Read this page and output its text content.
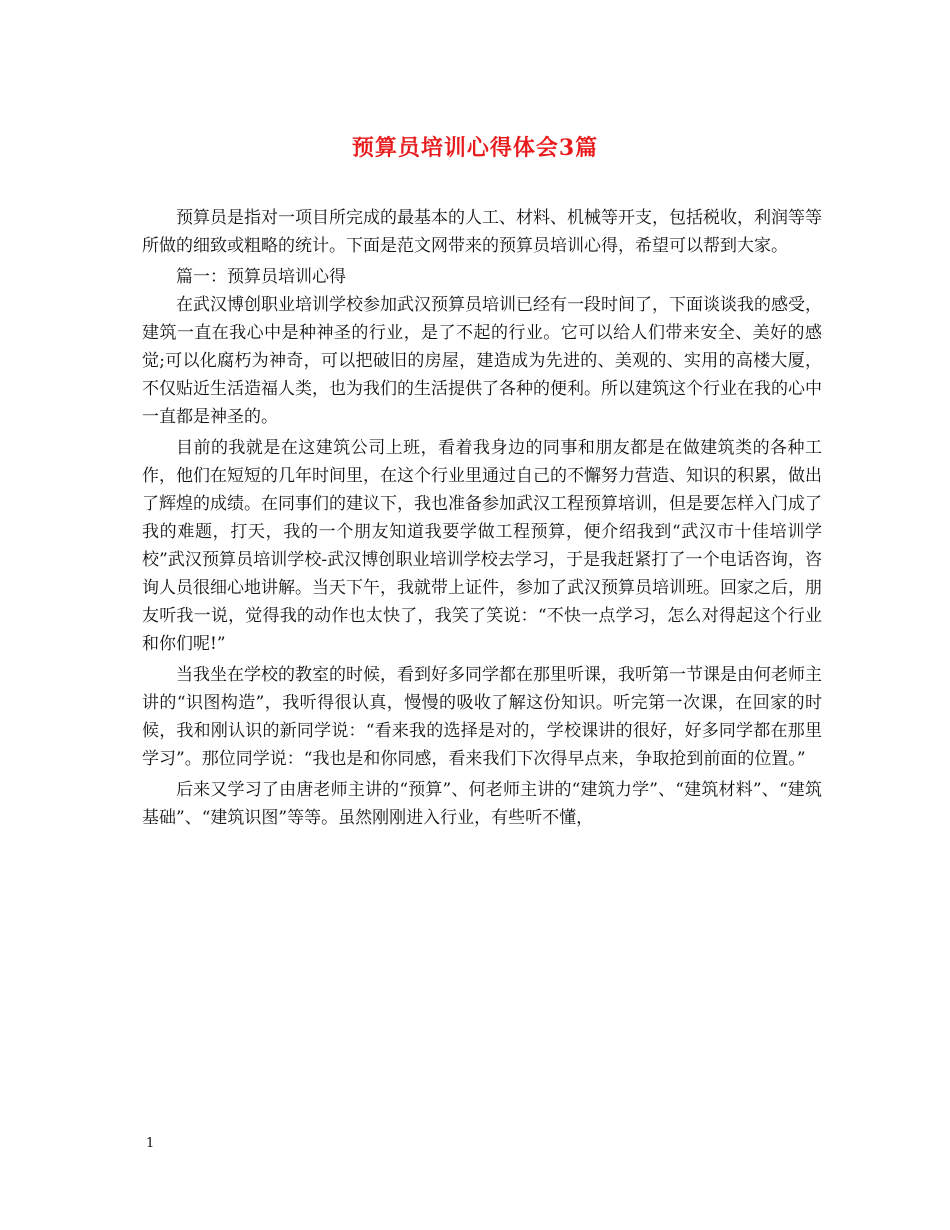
预算员培训心得体会3篇

预算员是指对一项目所完成的最基本的人工、材料、机械等开支，包括税收，利润等等所做的细致或粗略的统计。下面是范文网带来的预算员培训心得，希望可以帮到大家。

篇一：预算员培训心得

在武汉博创职业培训学校参加武汉预算员培训已经有一段时间了，下面谈谈我的感受，建筑一直在我心中是种神圣的行业，是了不起的行业。它可以给人们带来安全、美好的感觉;可以化腐朽为神奇，可以把破旧的房屋，建造成为先进的、美观的、实用的高楼大厦，不仅贴近生活造福人类，也为我们的生活提供了各种的便利。所以建筑这个行业在我的心中一直都是神圣的。

目前的我就是在这建筑公司上班，看着我身边的同事和朋友都是在做建筑类的各种工作，他们在短短的几年时间里，在这个行业里通过自己的不懈努力营造、知识的积累，做出了辉煌的成绩。在同事们的建议下，我也准备参加武汉工程预算培训，但是要怎样入门成了我的难题，打天，我的一个朋友知道我要学做工程预算，便介绍我到“武汉市十佳培训学校”武汉预算员培训学校-武汉博创职业培训学校去学习，于是我赶紧打了一个电话咨询，咨询人员很细心地讲解。当天下午，我就带上证件，参加了武汉预算员培训班。回家之后，朋友听我一说，觉得我的动作也太快了，我笑了笑说：“不快一点学习，怎么对得起这个行业和你们呢!”

当我坐在学校的教室的时候，看到好多同学都在那里听课，我听第一节课是由何老师主讲的“识图构造”，我听得很认真，慢慢的吸收了解这份知识。听完第一次课，在回家的时候，我和刚认识的新同学说：“看来我的选择是对的，学校课讲的很好，好多同学都在那里学习”。那位同学说：“我也是和你同感，看来我们下次得早点来，争取抢到前面的位置。”

后来又学习了由唐老师主讲的“预算”、何老师主讲的“建筑力学”、“建筑材料”、“建筑基础”、“建筑识图”等等。虽然刚刚进入行业，有些听不懂，

1
